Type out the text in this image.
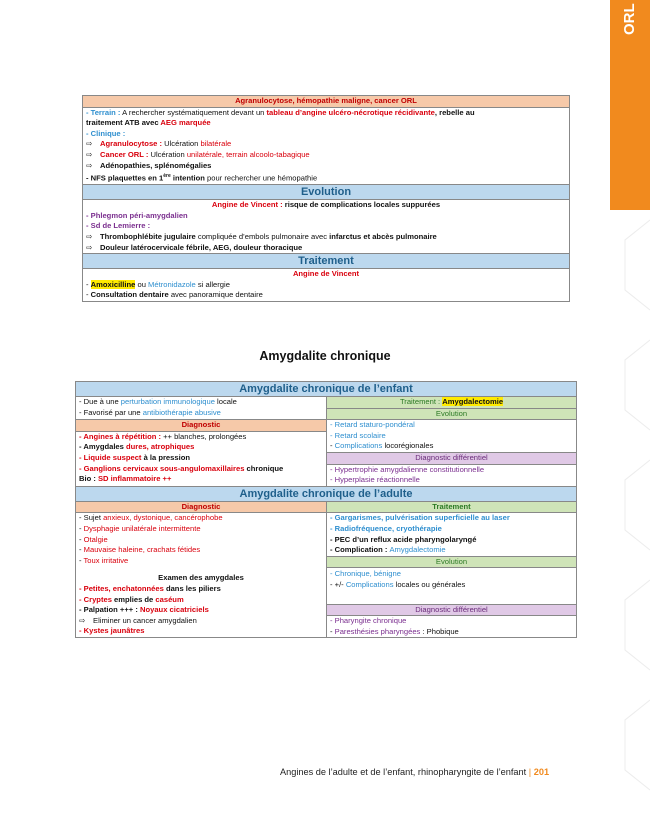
ORL
Agranulocytose, hémopathie maligne, cancer ORL
- Terrain : A rechercher systématiquement devant un tableau d’angine ulcéro-nécrotique récidivante, rebelle au
traitement ATB avec AEG marquée
- Clinique :
⇨ Agranulocytose : Ulcération bilatérale
⇨ Cancer ORL : Ulcération unilatérale, terrain alcoolo-tabagique
⇨ Adénopathies, splénomégalies
- NFS plaquettes en 1ère intention pour rechercher une hémopathie
Evolution
Angine de Vincent : risque de complications locales suppurées
- Phlegmon péri-amygdalien
- Sd de Lemierre :
⇨ Thrombophlébite jugulaire compliquée d’embols pulmonaire avec infarctus et abcès pulmonaire
⇨ Douleur latérocervicale fébrile, AEG, douleur thoracique
Traitement
Angine de Vincent
- Amoxicilline ou Métronidazole si allergie
- Consultation dentaire avec panoramique dentaire
Amygdalite chronique
Amygdalite chronique de l’enfant
- Due à une perturbation immunologique locale
- Favorisé par une antibiothérapie abusive
Traitement : Amygdalectomie
Evolution
Diagnostic
- Angines à répétition : ++ blanches, prolongées
- Amygdales dures, atrophiques
- Liquide suspect à la pression
- Ganglions cervicaux sous-angulomaxillaires chronique
Bio : SD inflammatoire ++
- Retard staturo-pondéral
- Retard scolaire
- Complications locorégionales
Diagnostic différentiel
- Hypertrophie amygdalienne constitutionnelle
- Hyperplasie réactionnelle
Amygdalite chronique de l’adulte
Diagnostic
- Sujet anxieux, dystonique, cancérophobe
- Dysphagie unilatérale intermittente
- Otalgie
- Mauvaise haleine, crachats fétides
- Toux irritative
Examen des amygdales
- Petites, enchatonnées dans les piliers
- Cryptes emplies de caséum
- Palpation +++ : Noyaux cicatriciels
⇨ Eliminer un cancer amygdalien
- Kystes jaunâtres
Traitement
- Gargarismes, pulvérisation superficielle au laser
- Radiofréquence, cryothérapie
- PEC d’un reflux acide pharyngolaryngé
- Complication : Amygdalectomie
Evolution
- Chronique, bénigne
- +/- Complications locales ou générales
Diagnostic différentiel
- Pharyngite chronique
- Paresthésies pharyngées : Phobique
Angines de l’adulte et de l’enfant, rhinopharyngite de l’enfant | 201
